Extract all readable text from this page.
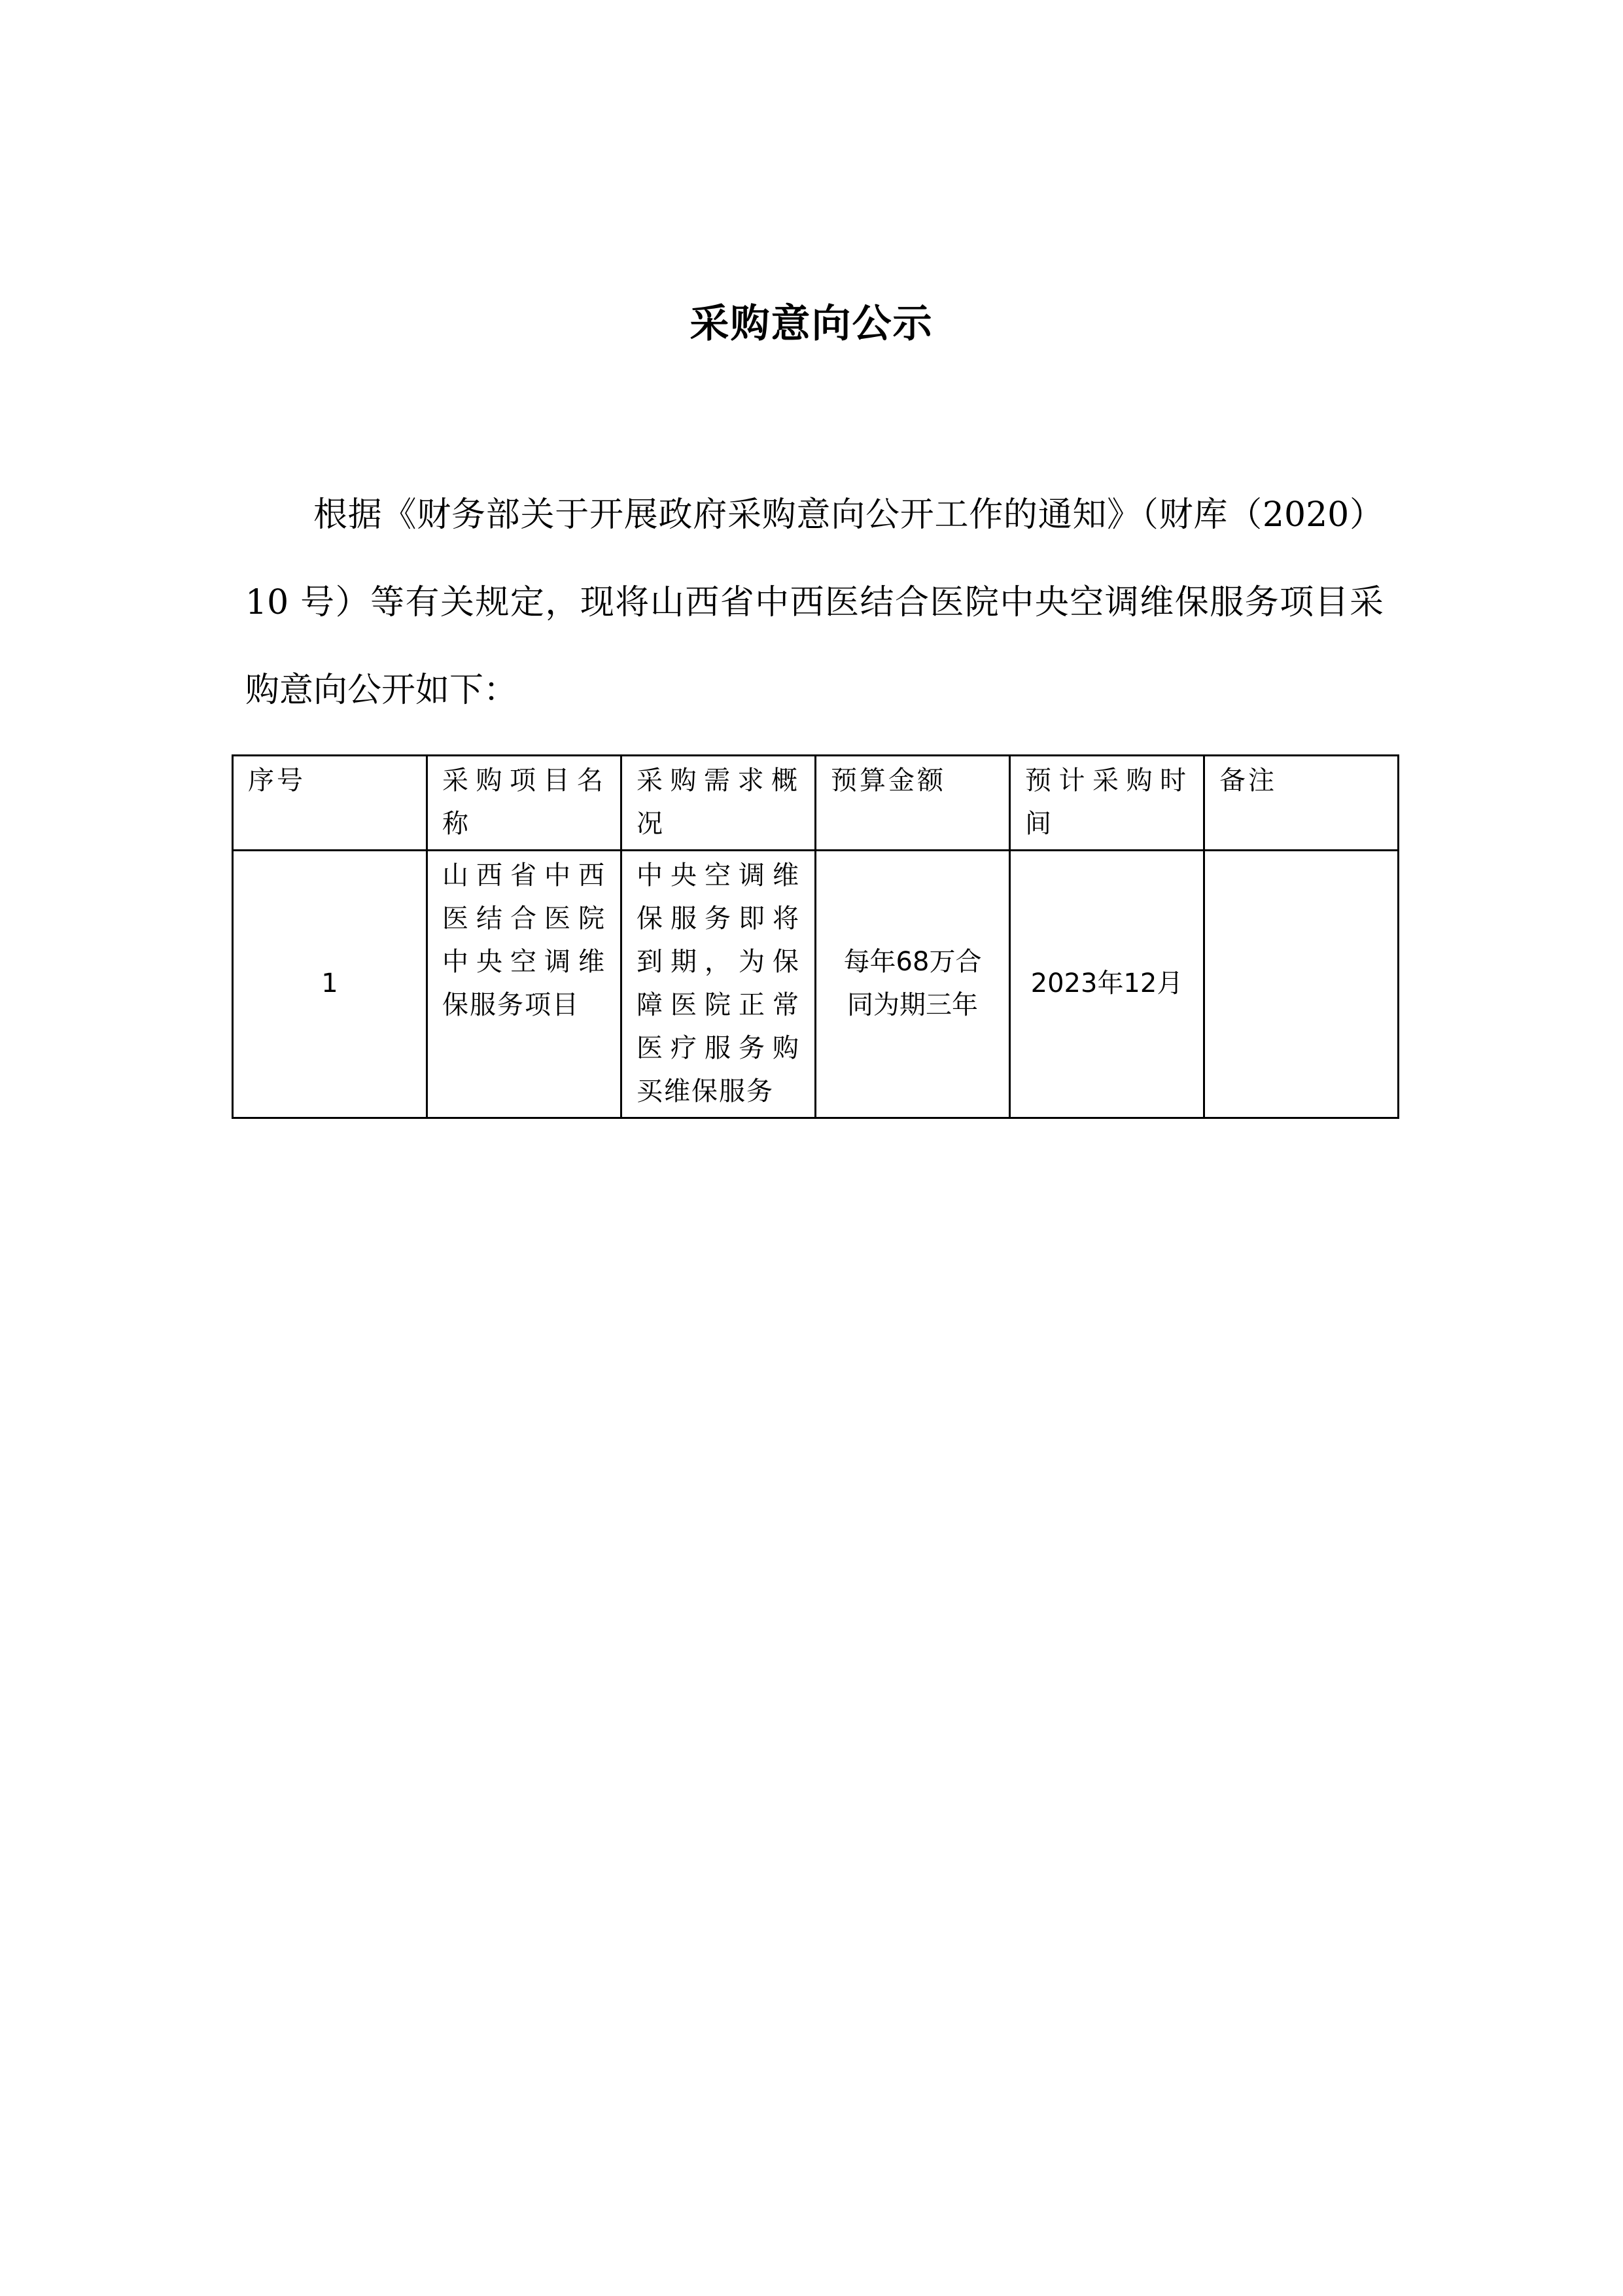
采购意向公示

根据《财务部关于开展政府采购意向公开工作的通知》（财库（2020）10 号）等有关规定，现将山西省中西医结合医院中央空调维保服务项目采购意向公开如下：

序号	采购项目名称	采购需求概况	预算金额	预计采购时间	备注
1	山西省中西医结合医院中央空调维保服务项目	中央空调维保服务即将到期，为保障医院正常医疗服务购买维保服务	每年68万合同为期三年	2023年12月	
